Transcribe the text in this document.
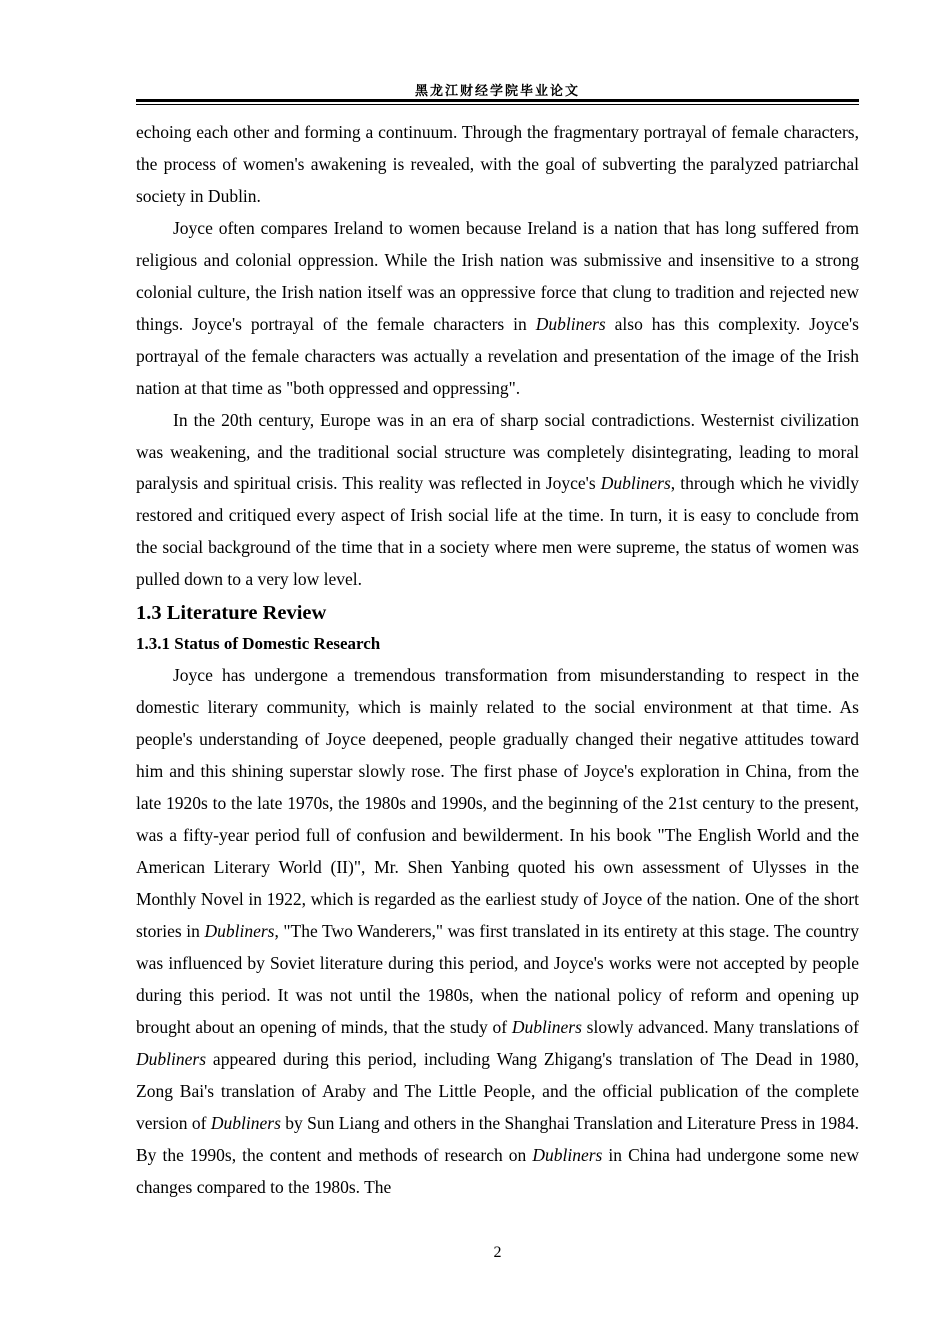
黑龙江财经学院毕业论文

echoing each other and forming a continuum. Through the fragmentary portrayal of female characters, the process of women's awakening is revealed, with the goal of subverting the paralyzed patriarchal society in Dublin.

Joyce often compares Ireland to women because Ireland is a nation that has long suffered from religious and colonial oppression. While the Irish nation was submissive and insensitive to a strong colonial culture, the Irish nation itself was an oppressive force that clung to tradition and rejected new things. Joyce's portrayal of the female characters in Dubliners also has this complexity. Joyce's portrayal of the female characters was actually a revelation and presentation of the image of the Irish nation at that time as "both oppressed and oppressing".

In the 20th century, Europe was in an era of sharp social contradictions. Westernist civilization was weakening, and the traditional social structure was completely disintegrating, leading to moral paralysis and spiritual crisis. This reality was reflected in Joyce's Dubliners, through which he vividly restored and critiqued every aspect of Irish social life at the time. In turn, it is easy to conclude from the social background of the time that in a society where men were supreme, the status of women was pulled down to a very low level.

1.3 Literature Review
1.3.1 Status of Domestic Research

Joyce has undergone a tremendous transformation from misunderstanding to respect in the domestic literary community, which is mainly related to the social environment at that time. As people's understanding of Joyce deepened, people gradually changed their negative attitudes toward him and this shining superstar slowly rose. The first phase of Joyce's exploration in China, from the late 1920s to the late 1970s, the 1980s and 1990s, and the beginning of the 21st century to the present, was a fifty-year period full of confusion and bewilderment. In his book "The English World and the American Literary World (II)", Mr. Shen Yanbing quoted his own assessment of Ulysses in the Monthly Novel in 1922, which is regarded as the earliest study of Joyce of the nation. One of the short stories in Dubliners, "The Two Wanderers," was first translated in its entirety at this stage. The country was influenced by Soviet literature during this period, and Joyce's works were not accepted by people during this period. It was not until the 1980s, when the national policy of reform and opening up brought about an opening of minds, that the study of Dubliners slowly advanced. Many translations of Dubliners appeared during this period, including Wang Zhigang's translation of The Dead in 1980, Zong Bai's translation of Araby and The Little People, and the official publication of the complete version of Dubliners by Sun Liang and others in the Shanghai Translation and Literature Press in 1984. By the 1990s, the content and methods of research on Dubliners in China had undergone some new changes compared to the 1980s. The

2
